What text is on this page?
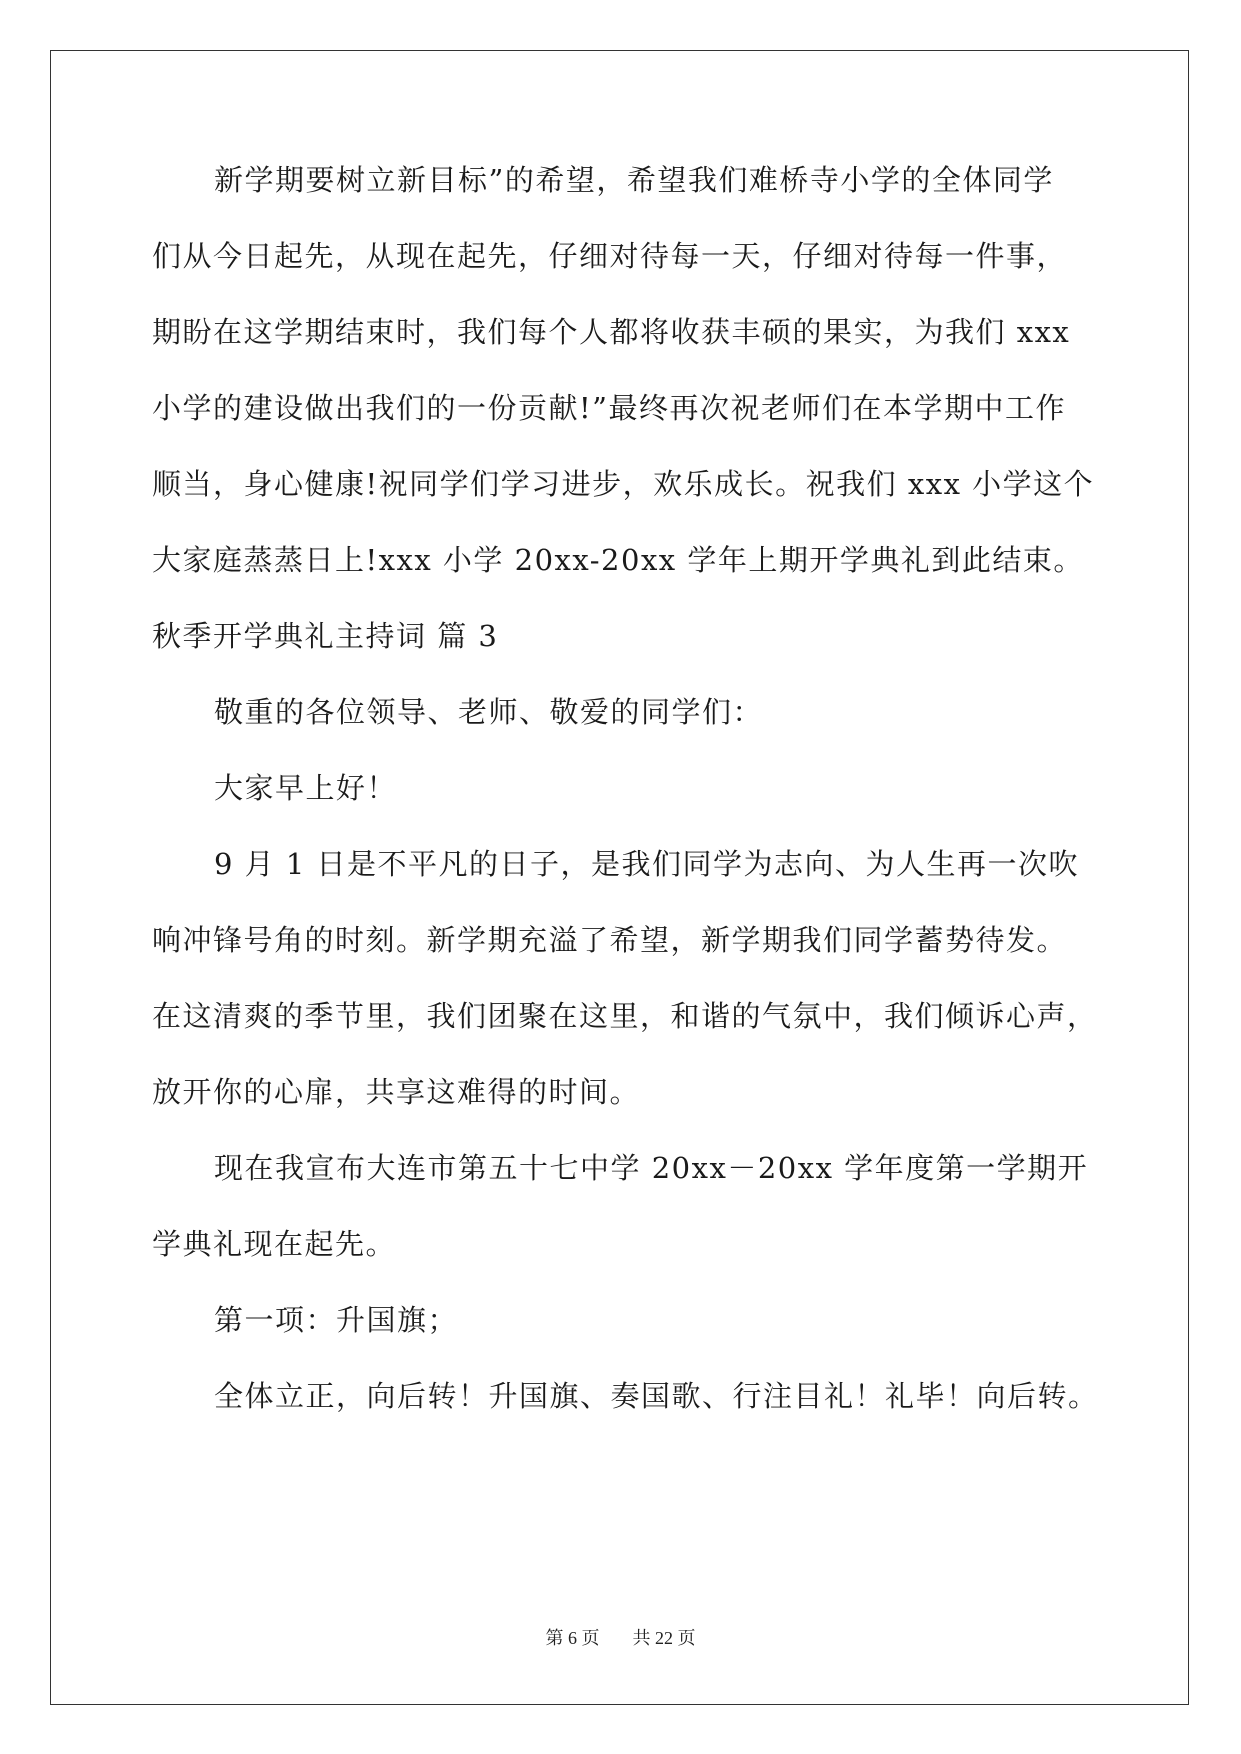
新学期要树立新目标”的希望，希望我们难桥寺小学的全体同学
们从今日起先，从现在起先，仔细对待每一天，仔细对待每一件事，
期盼在这学期结束时，我们每个人都将收获丰硕的果实，为我们 xxx
小学的建设做出我们的一份贡献!”最终再次祝老师们在本学期中工作
顺当，身心健康!祝同学们学习进步，欢乐成长。祝我们 xxx 小学这个
大家庭蒸蒸日上!xxx 小学 20xx-20xx 学年上期开学典礼到此结束。
秋季开学典礼主持词 篇 3
敬重的各位领导、老师、敬爱的同学们：
大家早上好！
9 月 1 日是不平凡的日子，是我们同学为志向、为人生再一次吹
响冲锋号角的时刻。新学期充溢了希望，新学期我们同学蓄势待发。
在这清爽的季节里，我们团聚在这里，和谐的气氛中，我们倾诉心声，
放开你的心扉，共享这难得的时间。
现在我宣布大连市第五十七中学 20xx－20xx 学年度第一学期开
学典礼现在起先。
第一项：升国旗；
全体立正，向后转！升国旗、奏国歌、行注目礼！礼毕！向后转。
第 6 页 共 22 页
